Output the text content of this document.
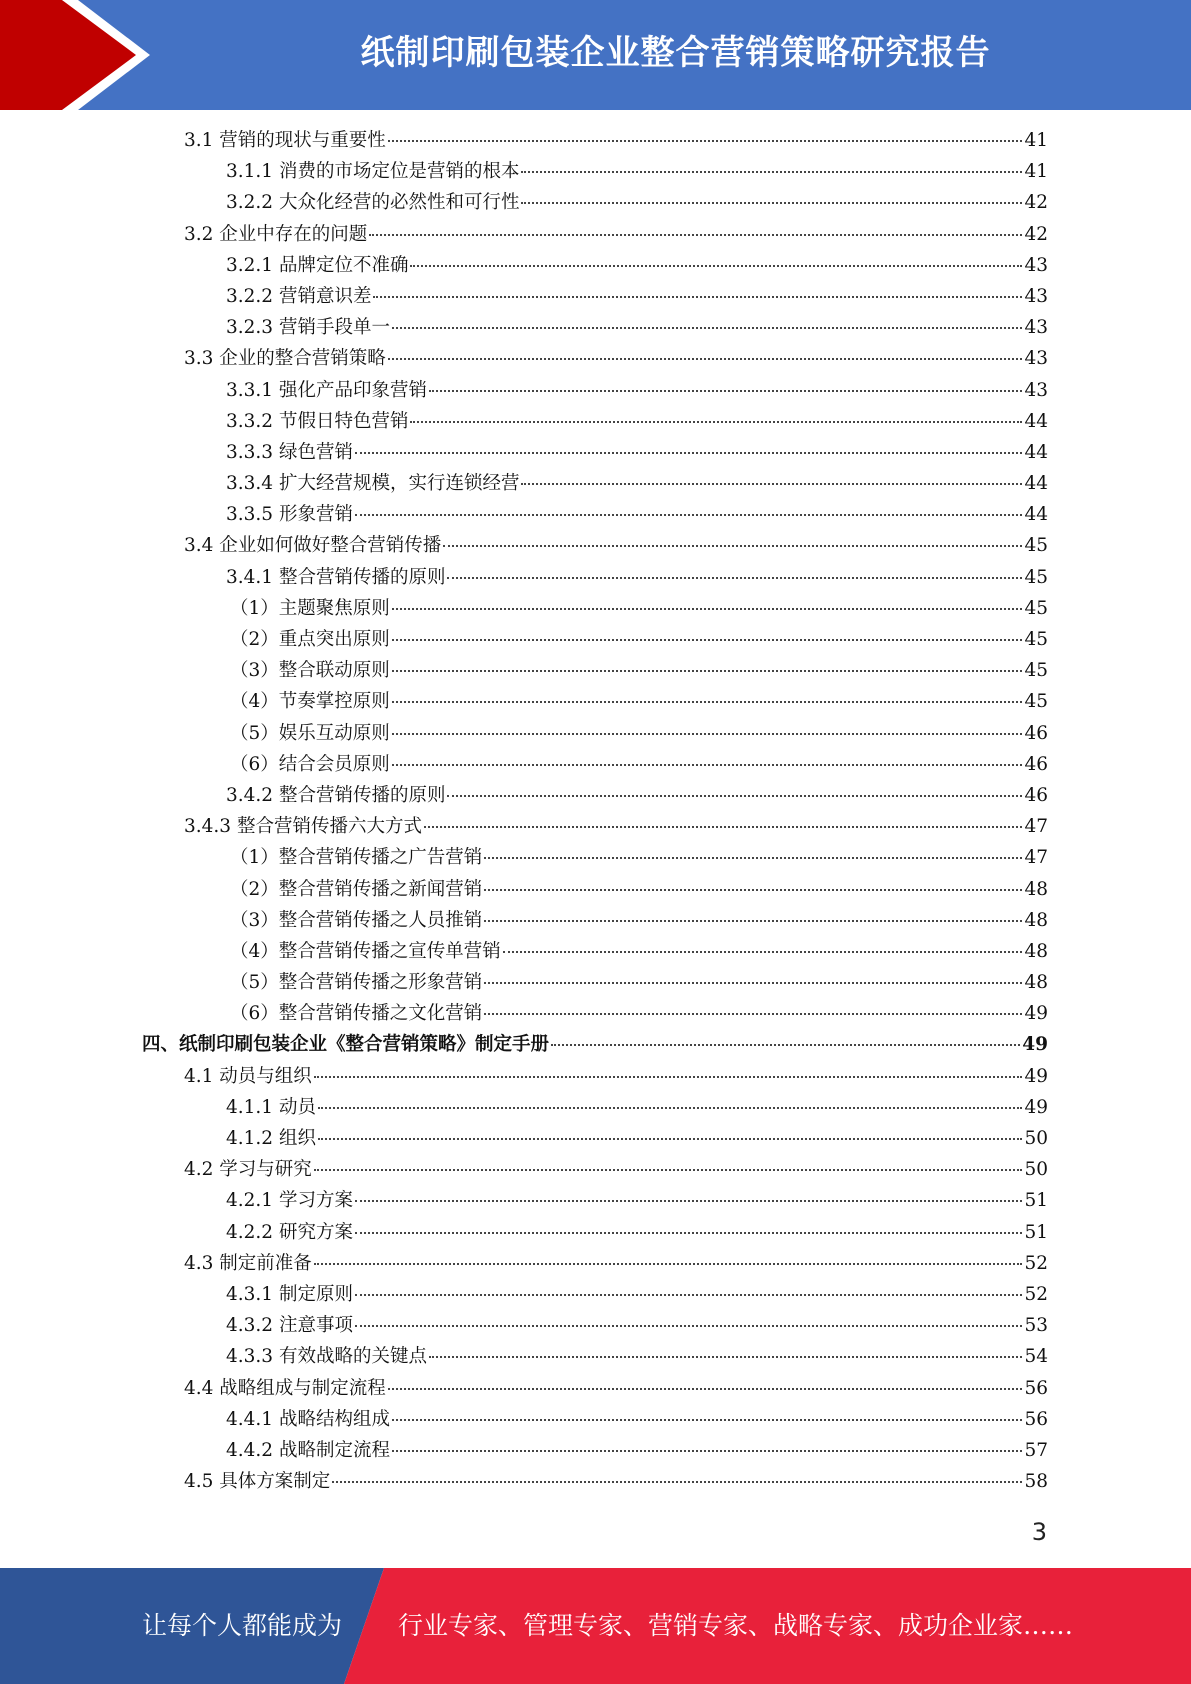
纸制印刷包装企业整合营销策略研究报告
3.1 营销的现状与重要性	41
3.1.1 消费的市场定位是营销的根本	41
3.2.2 大众化经营的必然性和可行性	42
3.2 企业中存在的问题	42
3.2.1 品牌定位不准确	43
3.2.2 营销意识差	43
3.2.3 营销手段单一	43
3.3 企业的整合营销策略	43
3.3.1 强化产品印象营销	43
3.3.2 节假日特色营销	44
3.3.3 绿色营销	44
3.3.4 扩大经营规模，实行连锁经营	44
3.3.5 形象营销	44
3.4 企业如何做好整合营销传播	45
3.4.1 整合营销传播的原则	45
（1）主题聚焦原则	45
（2）重点突出原则	45
（3）整合联动原则	45
（4）节奏掌控原则	45
（5）娱乐互动原则	46
（6）结合会员原则	46
3.4.2 整合营销传播的原则	46
3.4.3 整合营销传播六大方式	47
（1）整合营销传播之广告营销	47
（2）整合营销传播之新闻营销	48
（3）整合营销传播之人员推销	48
（4）整合营销传播之宣传单营销	48
（5）整合营销传播之形象营销	48
（6）整合营销传播之文化营销	49
四、纸制印刷包装企业《整合营销策略》制定手册	49
4.1 动员与组织	49
4.1.1 动员	49
4.1.2 组织	50
4.2 学习与研究	50
4.2.1 学习方案	51
4.2.2 研究方案	51
4.3 制定前准备	52
4.3.1 制定原则	52
4.3.2 注意事项	53
4.3.3 有效战略的关键点	54
4.4 战略组成与制定流程	56
4.4.1 战略结构组成	56
4.4.2 战略制定流程	57
4.5 具体方案制定	58
3
让每个人都能成为 行业专家、管理专家、营销专家、战略专家、成功企业家……
